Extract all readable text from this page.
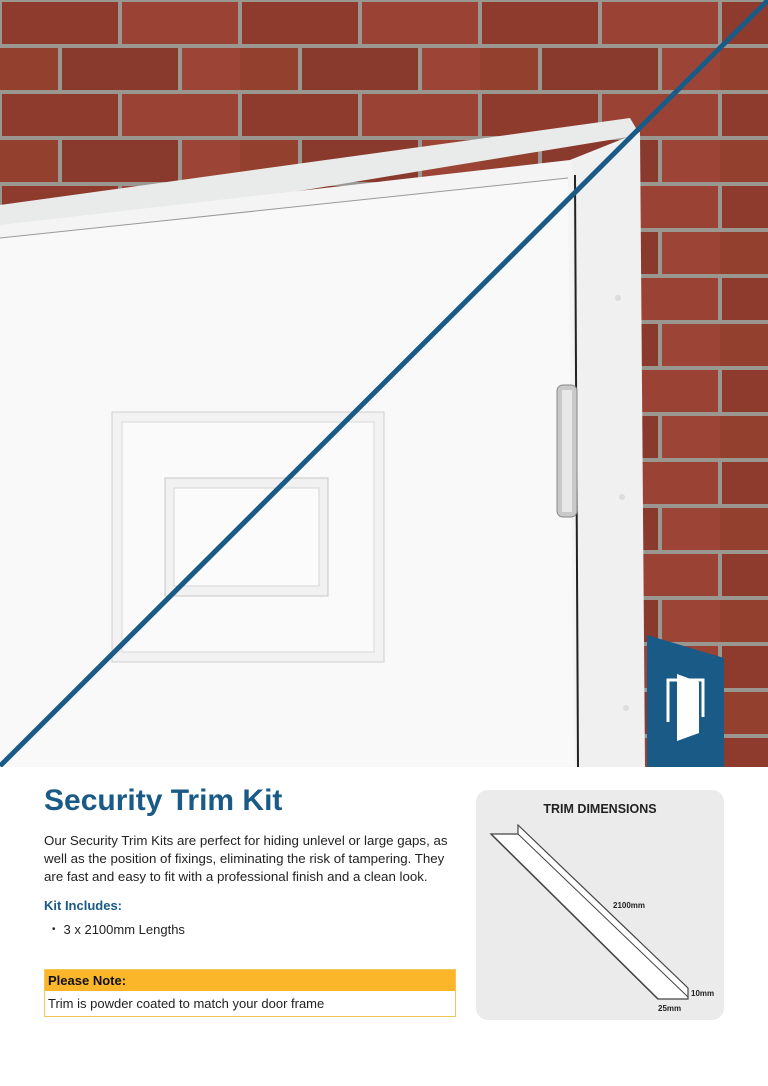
Security Trim Kit

Our Security Trim Kits are perfect for hiding unlevel or large gaps, as well as the position of fixings, eliminating the risk of tampering. They are fast and easy to fit with a professional finish and a clean look.

Kit Includes:
• 3 x 2100mm Lengths
Please Note:
Trim is powder coated to match your door frame
TRIM DIMENSIONS
2100mm
10mm
25mm
